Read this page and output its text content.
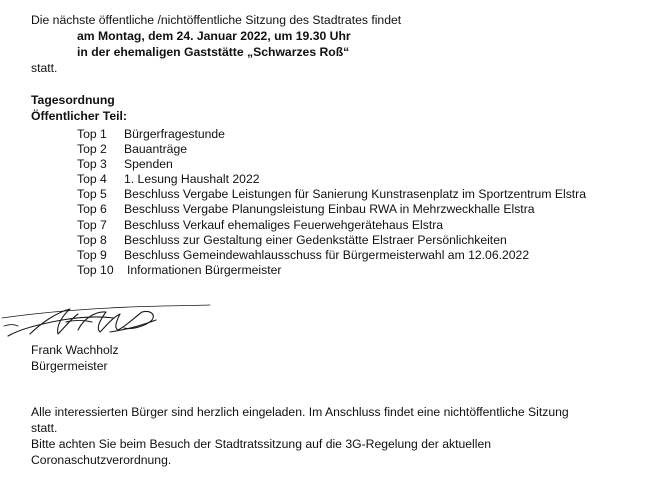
Die nächste öffentliche /nichtöffentliche Sitzung des Stadtrates findet
am Montag, dem 24. Januar 2022, um 19.30 Uhr
in der ehemaligen Gaststätte „Schwarzes Roß“
statt.
Tagesordnung
Öffentlicher Teil:
Top 1	Bürgerfragestunde
Top 2	Bauanträge
Top 3	Spenden
Top 4	1. Lesung Haushalt 2022
Top 5	Beschluss Vergabe Leistungen für Sanierung Kunstrasenplatz im Sportzentrum Elstra
Top 6	Beschluss Vergabe Planungsleistung Einbau RWA in Mehrzweckhalle Elstra
Top 7	Beschluss Verkauf ehemaliges Feuerwehgerätehaus Elstra
Top 8	Beschluss zur Gestaltung einer Gedenkstätte Elstraer Persönlichkeiten
Top 9	Beschluss Gemeindewahlausschuss für Bürgermeisterwahl am 12.06.2022
Top 10	Informationen Bürgermeister
Frank Wachholz
Bürgermeister
Alle interessierten Bürger sind herzlich eingeladen. Im Anschluss findet eine nichtöffentliche Sitzung
statt.
Bitte achten Sie beim Besuch der Stadtratssitzung auf die 3G-Regelung der aktuellen
Coronaschutzverordnung.
